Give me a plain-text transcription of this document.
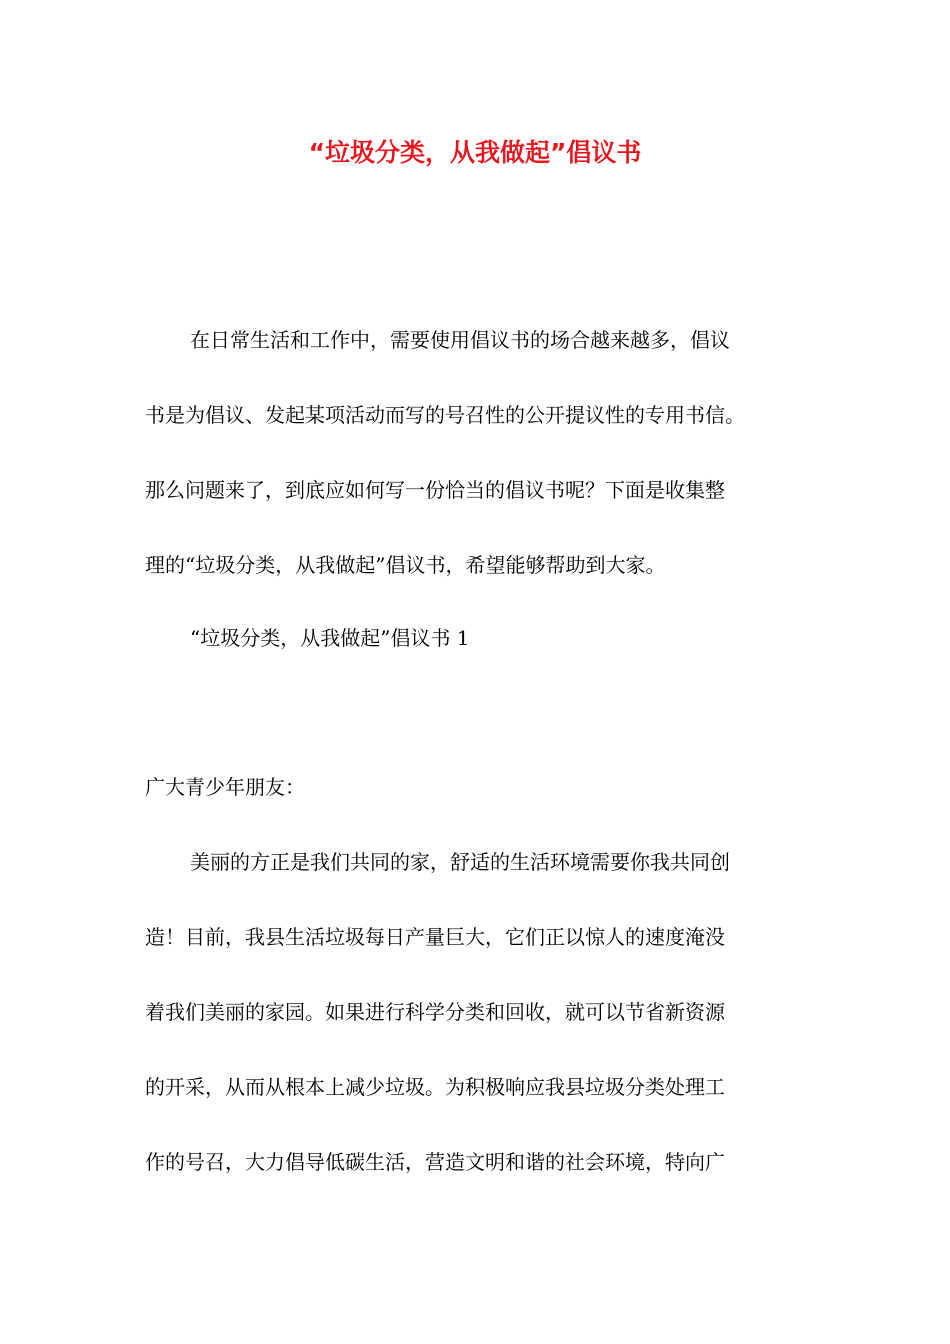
“垃圾分类，从我做起”倡议书

在日常生活和工作中，需要使用倡议书的场合越来越多，倡议

书是为倡议、发起某项活动而写的号召性的公开提议性的专用书信。

那么问题来了，到底应如何写一份恰当的倡议书呢？下面是收集整

理的“垃圾分类，从我做起”倡议书，希望能够帮助到大家。

“垃圾分类，从我做起”倡议书 1

广大青少年朋友：

美丽的方正是我们共同的家，舒适的生活环境需要你我共同创

造！目前，我县生活垃圾每日产量巨大，它们正以惊人的速度淹没

着我们美丽的家园。如果进行科学分类和回收，就可以节省新资源

的开采，从而从根本上减少垃圾。为积极响应我县垃圾分类处理工

作的号召，大力倡导低碳生活，营造文明和谐的社会环境，特向广
